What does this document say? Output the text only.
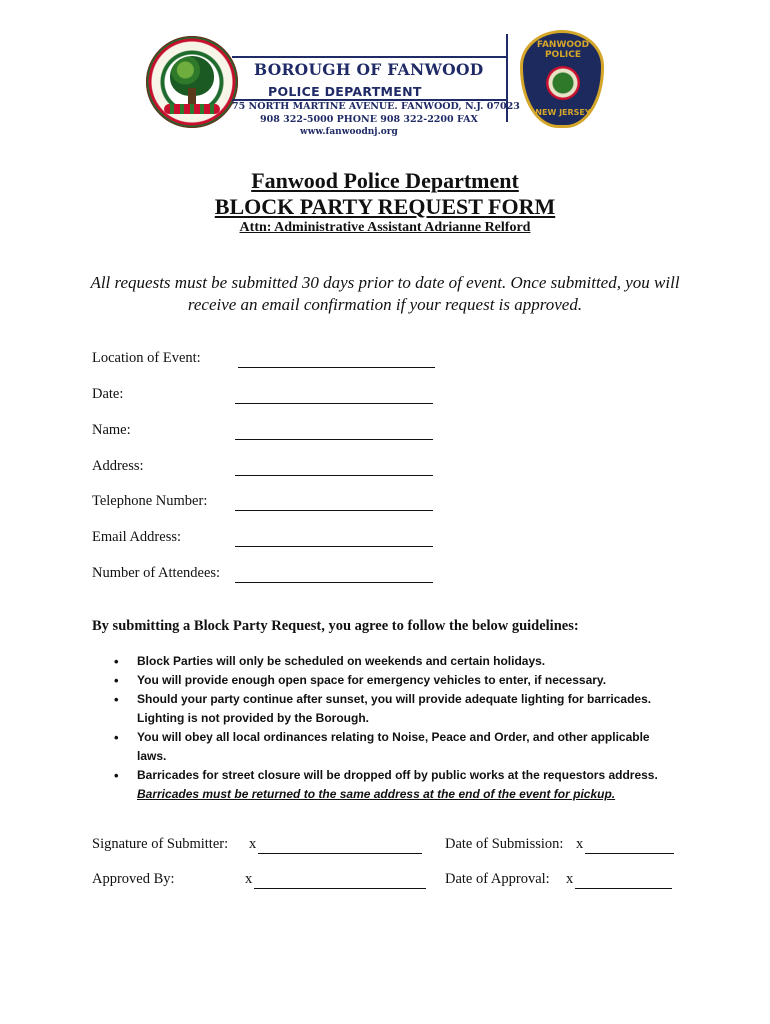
BOROUGH OF FANWOOD
POLICE DEPARTMENT
75 NORTH MARTINE AVENUE. FANWOOD, N.J. 07023
908 322-5000 PHONE 908 322-2200 FAX
www.fanwoodnj.org
FANWOOD POLICE
NEW JERSEY
Fanwood Police Department
BLOCK PARTY REQUEST FORM
Attn: Administrative Assistant Adrianne Relford
All requests must be submitted 30 days prior to date of event. Once submitted, you will receive an email confirmation if your request is approved.
Location of Event:
Date:
Name:
Address:
Telephone Number:
Email Address:
Number of Attendees:
By submitting a Block Party Request, you agree to follow the below guidelines:
• Block Parties will only be scheduled on weekends and certain holidays.
• You will provide enough open space for emergency vehicles to enter, if necessary.
• Should your party continue after sunset, you will provide adequate lighting for barricades. Lighting is not provided by the Borough.
• You will obey all local ordinances relating to Noise, Peace and Order, and other applicable laws.
• Barricades for street closure will be dropped off by public works at the requestors address.
Barricades must be returned to the same address at the end of the event for pickup.
Signature of Submitter: x	Date of Submission: x
Approved By:	x	Date of Approval: x
